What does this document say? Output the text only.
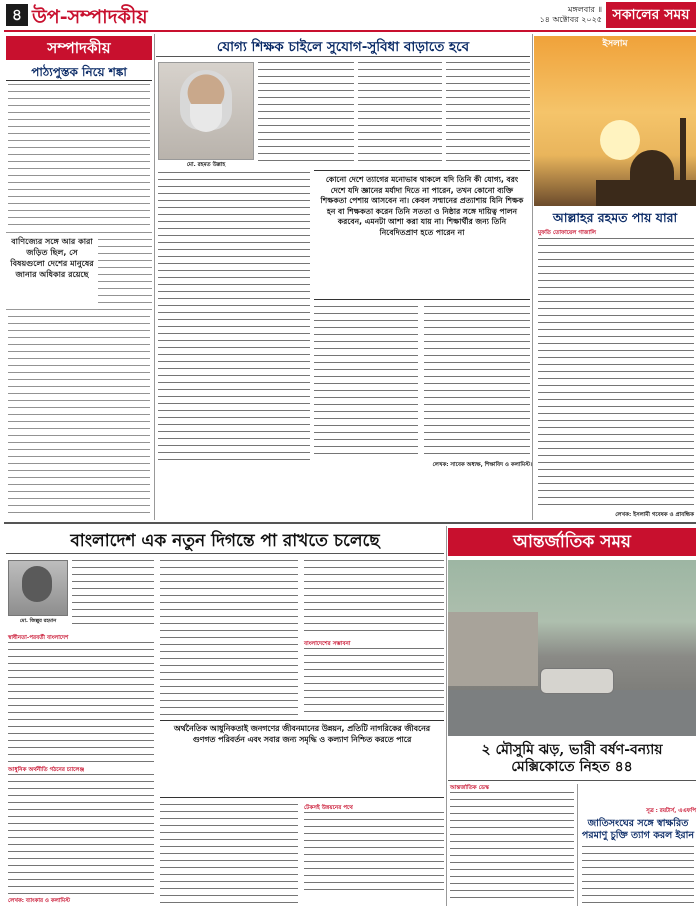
৪ উপ-সম্পাদকীয়	মঙ্গলবার ॥
১৪ অক্টোবর ২০২৫ সকালের সময়
সম্পাদকীয়
পাঠ্যপুস্তক নিয়ে শঙ্কা
বাণিজ্যের সঙ্গে আর কারা জড়িত ছিল, সে বিষয়গুলো দেশের মানুষের জানার অধিকার রয়েছে
যোগ্য শিক্ষক চাইলে সুযোগ-সুবিধা বাড়াতে হবে
মো. রহমত উল্লাহ
কোনো দেশে ত্যাগের মনোভাব থাকলে যদি তিনি কী যোগ্য, বরং দেশে যদি জ্ঞানের মর্যাদা দিতে না পারেন, তখন কোনো ব্যক্তি শিক্ষকতা পেশায় আসবেন না। কেবল সম্মানের প্রত্যাশায় যিনি শিক্ষক হন বা শিক্ষকতা করেন তিনি সততা ও নিষ্ঠার সঙ্গে দায়িত্ব পালন করবেন, এমনটা আশা করা যায় না। শিক্ষার্থীর জন্য তিনি নিবেদিতপ্রাণ হতে পারেন না
লেখক: সাবেক অধ্যক্ষ, শিক্ষাবিদ ও কলামিস্ট।
ইসলাম
আল্লাহর রহমত পায় যারা
মুফতি তোফায়েল গাজালি
লেখক: ইসলামী গবেষক ও প্রাবন্ধিক
বাংলাদেশ এক নতুন দিগন্তে পা রাখতে চলেছে
মো. জিল্লুর রহমান
স্বাধীনতা-পরবর্তী বাংলাদেশ
আধুনিক অর্থনীতি গঠনের চ্যালেঞ্জ
বাংলাদেশের সম্ভাবনা
অর্থনৈতিক আধুনিকতাই জনগণের জীবনমানের উন্নয়ন, প্রতিটি নাগরিকের জীবনের গুণগত পরিবর্তন এবং সবার জন্য সমৃদ্ধি ও কল্যাণ নিশ্চিত করতে পারে
টেকসই উন্নয়নের পথে
লেখক: ব্যাংকার ও কলামিস্ট
আন্তর্জাতিক সময়
২ মৌসুমি ঝড়, ভারী বর্ষণ-বন্যায় মেক্সিকোতে নিহত ৪৪
আন্তর্জাতিক ডেস্ক
সূত্র : রয়টার্স, এএফপি
জাতিসংঘের সঙ্গে স্বাক্ষরিত পরমাণু চুক্তি ত্যাগ করল ইরান
